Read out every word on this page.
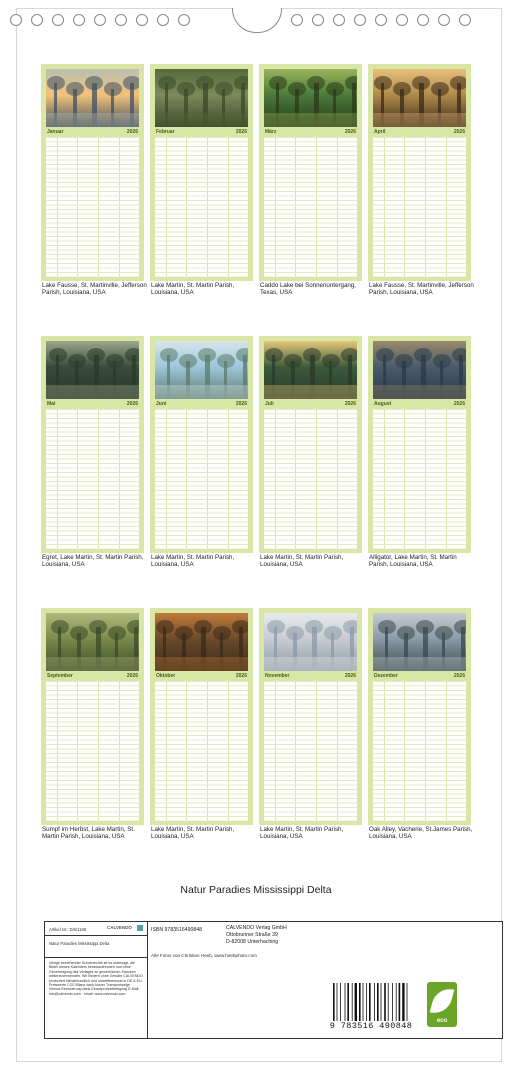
Januar	2026
Lake Fausse, St. Martinville, Jefferson Parish, Louisiana, USA
Februar	2026
Lake Martin, St. Martin Parish, Louisiana, USA
März	2026
Caddo Lake bei Sonnenuntergang, Texas, USA
April	2026
Lake Fausse, St. Martinville, Jefferson Parish, Louisiana, USA
Mai	2026
Egret, Lake Martin, St. Martin Parish, Louisiana, USA
Juni	2026
Lake Martin, St. Martin Parish, Louisiana, USA
Juli	2026
Lake Martin, St. Martin Parish, Louisiana, USA
August	2026
Alligator, Lake Martin, St. Martin Parish, Louisiana, USA
September	2026
Sumpf im Herbst, Lake Martin, St. Martin Parish, Louisiana, USA
Oktober	2026
Lake Martin, St. Martin Parish, Louisiana, USA
November	2026
Lake Martin, St. Martin Parish, Louisiana, USA
Dezember	2026
Oak Alley, Vacherie, St.James Parish, Louisiana, USA
Natur Paradies Mississippi Delta
Artikel Nr.: D/6/1168	CALVENDO
Natur Paradies Mississippi Delta
Infolge bestehender Schutzrechte ist es untersagt, die Bilder dieses Kalenders herauszutrennen und ohne Genehmigung des Verlages zu gewerblichen Zwecken weiterzuverwenden. Wir fördern ohne Gewähr CALVENDO produziert klimafreundlich und umweltbewusst in DE & EU. Preiswerte CO2-Bilanz dank kurzer Transportwege Verlust-Reduzierung dank Einzelproduktfertigung E-Mail: info@calvendo.com · Inhalt: www.calvendo.com
ISBN 9783516490848	CALVENDO Verlag GmbH
Ottobrunner Straße 39
D-82008 Unterhaching
Alle Fotos von Christian Heeb, www.heebphoto.com
9 783516 490848	eco
